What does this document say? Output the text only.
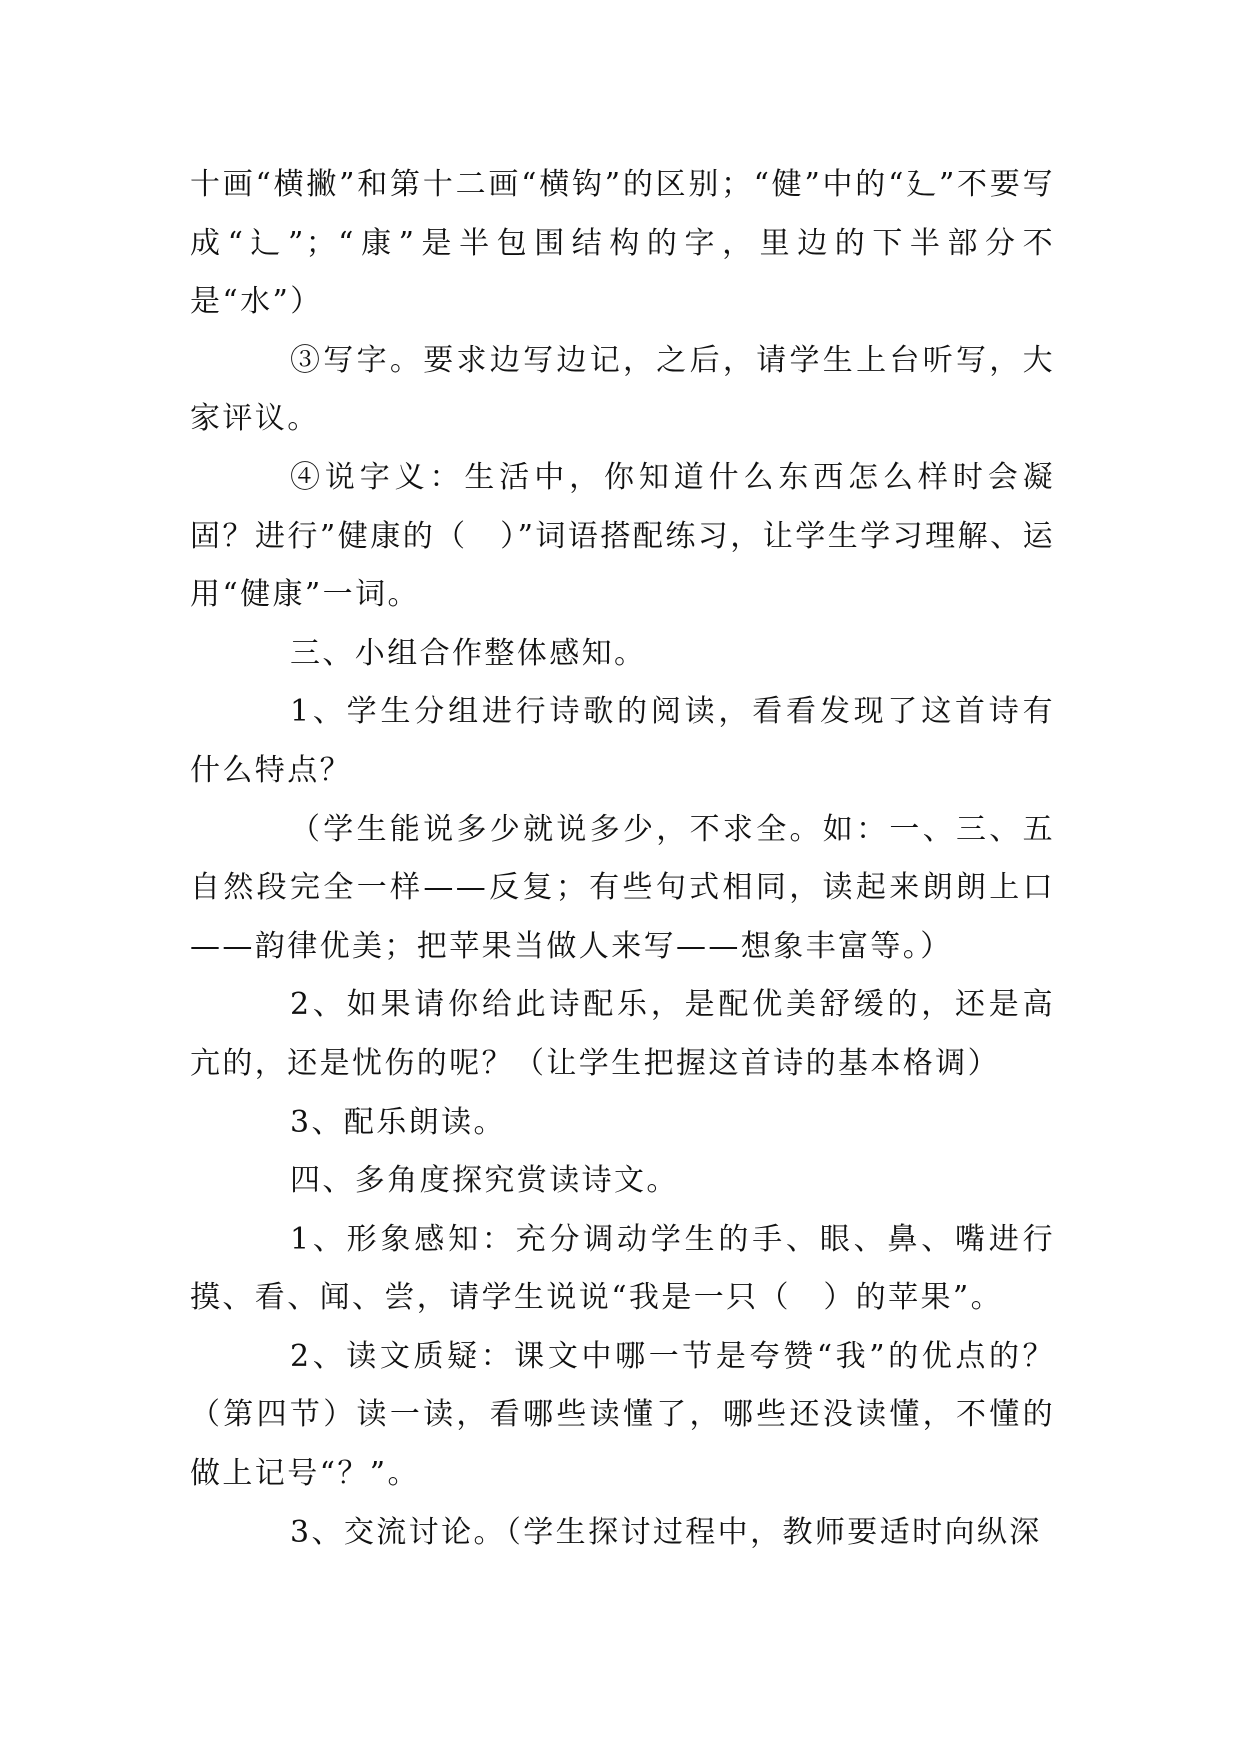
十画“横撇”和第十二画“横钩”的区别；“健”中的“廴”不要写成“辶”；“康”是半包围结构的字，里边的下半部分不是“水”）

③写字。要求边写边记，之后，请学生上台听写，大家评议。

④说字义：生活中，你知道什么东西怎么样时会凝固？进行”健康的（　）”词语搭配练习，让学生学习理解、运用“健康”一词。

三、小组合作整体感知。

1、学生分组进行诗歌的阅读，看看发现了这首诗有什么特点？

（学生能说多少就说多少，不求全。如：一、三、五自然段完全一样——反复；有些句式相同，读起来朗朗上口——韵律优美；把苹果当做人来写——想象丰富等。）

2、如果请你给此诗配乐，是配优美舒缓的，还是高亢的，还是忧伤的呢？（让学生把握这首诗的基本格调）

3、配乐朗读。

四、多角度探究赏读诗文。

1、形象感知：充分调动学生的手、眼、鼻、嘴进行摸、看、闻、尝，请学生说说“我是一只（　）的苹果”。

2、读文质疑：课文中哪一节是夸赞“我”的优点的？（第四节）读一读，看哪些读懂了，哪些还没读懂，不懂的做上记号“？”。

3、交流讨论。（学生探讨过程中，教师要适时向纵深
